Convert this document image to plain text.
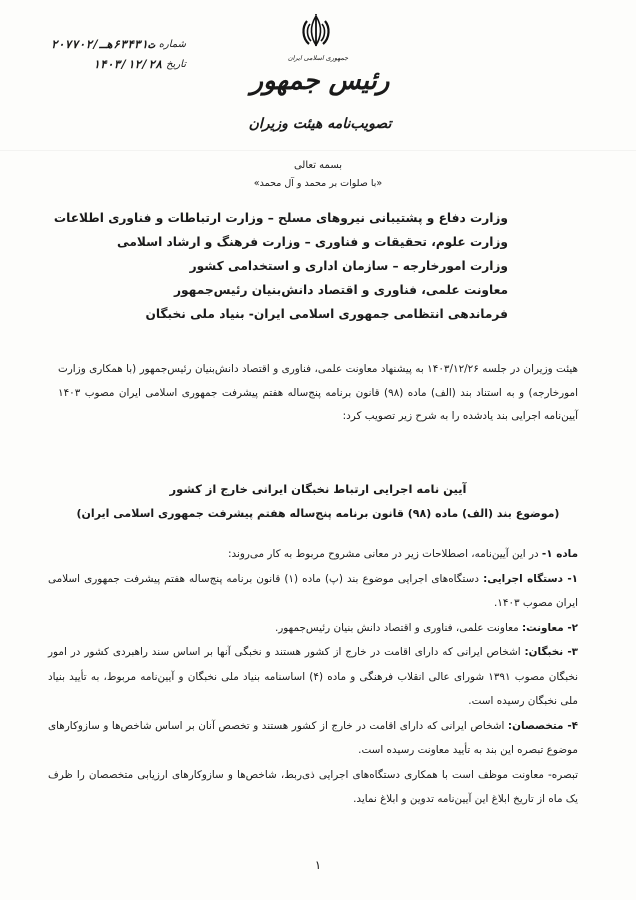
جمهوری اسلامی ایران
رئیس جمهور
تصویب‌نامه هیئت وزیران
شماره
۲۰۷۷۰۲/ت۶۳۴۳۱هـ
تاریخ
۱۴۰۳/۱۲/۲۸
بسمه تعالی
«با صلوات بر محمد و آل محمد»
وزارت دفاع و پشتیبانی نیروهای مسلح – وزارت ارتباطات و فناوری اطلاعات
وزارت علوم، تحقیقات و فناوری – وزارت فرهنگ و ارشاد اسلامی
وزارت امورخارجه – سازمان اداری و استخدامی کشور
معاونت علمی، فناوری و اقتصاد دانش‌بنیان رئیس‌جمهور
فرماندهی انتظامی جمهوری اسلامی ایران- بنیاد ملی نخبگان
هیئت وزیران در جلسه ۱۴۰۳/۱۲/۲۶ به پیشنهاد معاونت علمی، فناوری و اقتصاد دانش‌بنیان رئیس‌جمهور (با همکاری وزارت امورخارجه) و به استناد بند (الف) ماده (۹۸) قانون برنامه پنج‌ساله هفتم پیشرفت جمهوری اسلامی ایران مصوب ۱۴۰۳ آیین‌نامه اجرایی بند یادشده را به شرح زیر تصویب کرد:
آیین نامه اجرایی ارتباط نخبگان ایرانی خارج از کشور
(موضوع بند (الف) ماده (۹۸) قانون برنامه پنج‌ساله هفتم پیشرفت جمهوری اسلامی ایران)
ماده ۱- در این آیین‌نامه، اصطلاحات زیر در معانی مشروح مربوط به کار می‌روند:
۱- دستگاه اجرایی: دستگاه‌های اجرایی موضوع بند (پ) ماده (۱) قانون برنامه پنج‌ساله هفتم پیشرفت جمهوری اسلامی ایران مصوب ۱۴۰۳.
۲- معاونت: معاونت علمی، فناوری و اقتصاد دانش بنیان رئیس‌جمهور.
۳- نخبگان: اشخاص ایرانی که دارای اقامت در خارج از کشور هستند و نخبگی آنها بر اساس سند راهبردی کشور در امور نخبگان مصوب ۱۳۹۱ شورای عالی انقلاب فرهنگی و ماده (۴) اساسنامه بنیاد ملی نخبگان و آیین‌نامه مربوط، به تأیید بنیاد ملی نخبگان رسیده است.
۴- متخصصان: اشخاص ایرانی که دارای اقامت در خارج از کشور هستند و تخصص آنان بر اساس شاخص‌ها و سازوکارهای موضوع تبصره این بند به تأیید معاونت رسیده است.
تبصره- معاونت موظف است با همکاری دستگاه‌های اجرایی ذی‌ربط، شاخص‌ها و سازوکارهای ارزیابی متخصصان را ظرف یک ماه از تاریخ ابلاغ این آیین‌نامه تدوین و ابلاغ نماید.
۱
